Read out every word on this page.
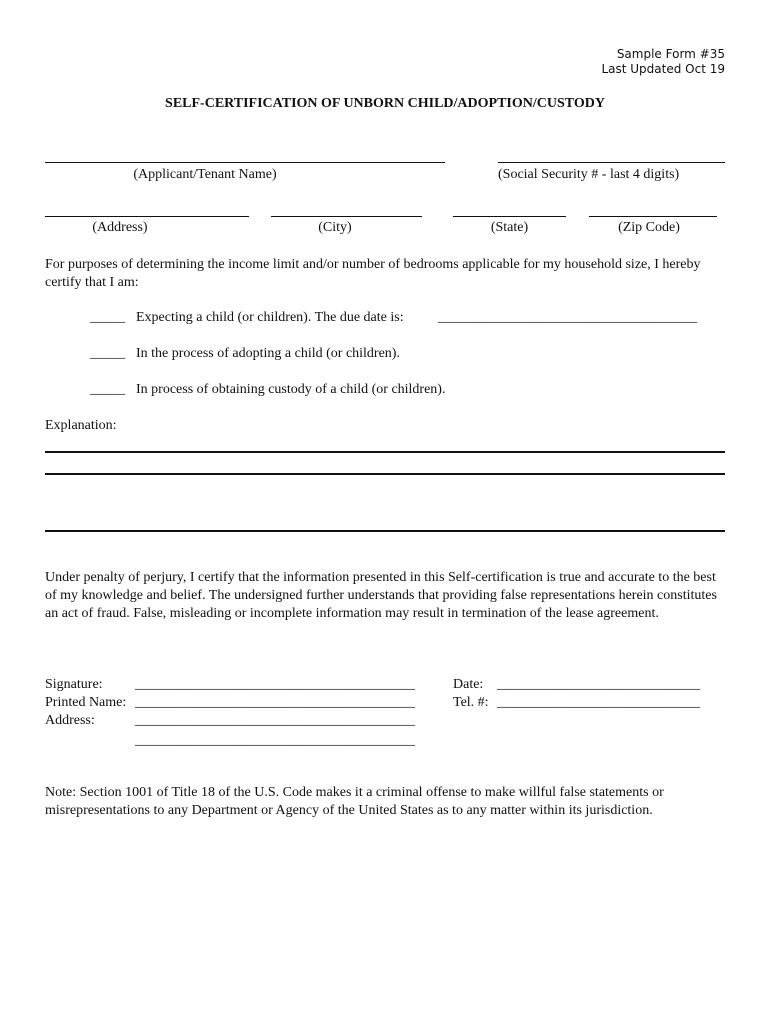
Sample Form #35
Last Updated Oct 19
SELF-CERTIFICATION OF UNBORN CHILD/ADOPTION/CUSTODY
(Applicant/Tenant Name)	(Social Security # - last 4 digits)
(Address)	(City)	(State)	(Zip Code)
For purposes of determining the income limit and/or number of bedrooms applicable for my household size, I hereby certify that I am:
_____ Expecting a child (or children). The due date is: _____________________________________
_____ In the process of adopting a child (or children).
_____ In process of obtaining custody of a child (or children).
Explanation:
Under penalty of perjury, I certify that the information presented in this Self-certification is true and accurate to the best of my knowledge and belief. The undersigned further understands that providing false representations herein constitutes an act of fraud. False, misleading or incomplete information may result in termination of the lease agreement.
Signature: ________________________________________	Date: _____________________________
Printed Name: ________________________________________	Tel. #: _____________________________
Address:	________________________________________
________________________________________
Note: Section 1001 of Title 18 of the U.S. Code makes it a criminal offense to make willful false statements or misrepresentations to any Department or Agency of the United States as to any matter within its jurisdiction.
